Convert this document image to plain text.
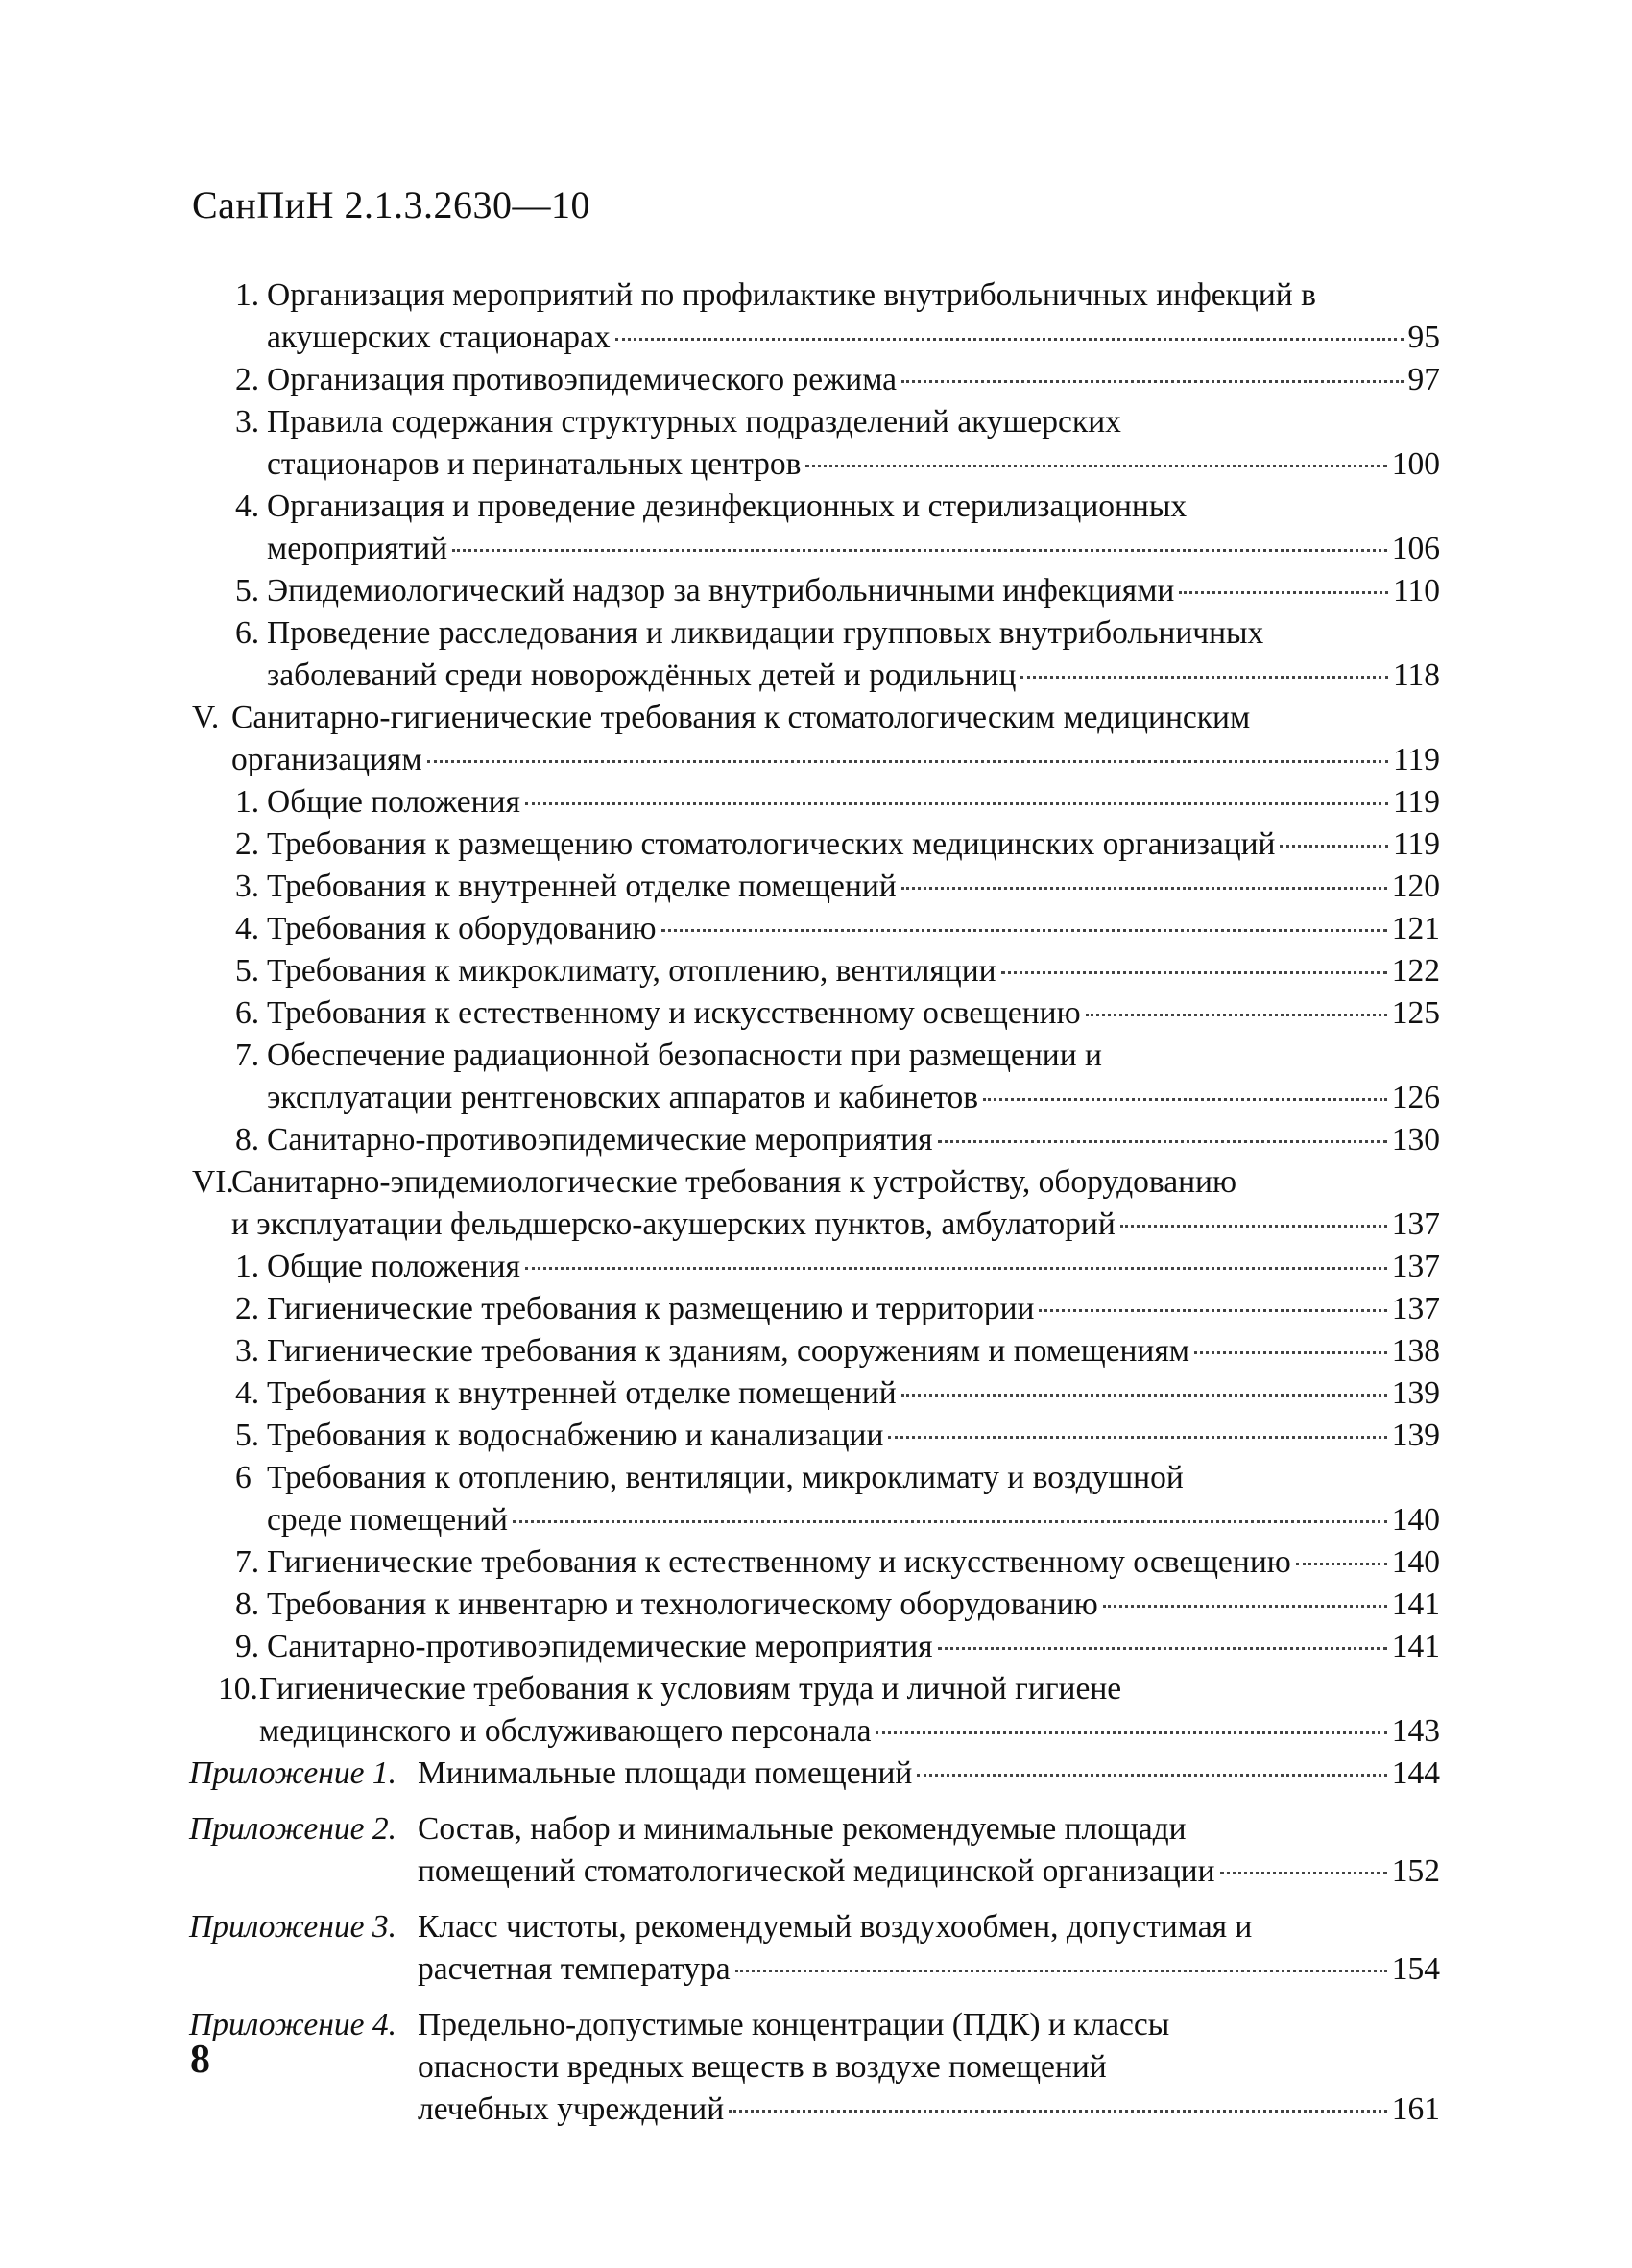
СанПиН 2.1.3.2630—10
1. Организация мероприятий по профилактике внутрибольничных инфекций в
акушерских стационарах	95
2. Организация противоэпидемического режима	97
3. Правила содержания структурных подразделений акушерских
стационаров и перинатальных центров	100
4. Организация и проведение дезинфекционных и стерилизационных
мероприятий	106
5. Эпидемиологический надзор за внутрибольничными инфекциями	110
6. Проведение расследования и ликвидации групповых внутрибольничных
заболеваний среди новорождённых детей и родильниц	118
V. Санитарно-гигиенические требования к стоматологическим медицинским
организациям	119
1. Общие положения	119
2. Требования к размещению стоматологических медицинских организаций	119
3. Требования к внутренней отделке помещений	120
4. Требования к оборудованию	121
5. Требования к микроклимату, отоплению, вентиляции	122
6. Требования к естественному и искусственному освещению	125
7. Обеспечение радиационной безопасности при размещении и
эксплуатации рентгеновских аппаратов и кабинетов	126
8. Санитарно-противоэпидемические мероприятия	130
VI.
Санитарно-эпидемиологические требования к устройству, оборудованию
и эксплуатации фельдшерско-акушерских пунктов, амбулаторий	137
1. Общие положения	137
2. Гигиенические требования к размещению и территории	137
3. Гигиенические требования к зданиям, сооружениям и помещениям	138
4. Требования к внутренней отделке помещений	139
5. Требования к водоснабжению и канализации	139
6 Требования к отоплению, вентиляции, микроклимату и воздушной
среде помещений	140
7. Гигиенические требования к естественному и искусственному освещению	140
8. Требования к инвентарю и технологическому оборудованию	141
9. Санитарно-противоэпидемические мероприятия	141
10. Гигиенические требования к условиям труда и личной гигиене
медицинского и обслуживающего персонала	143
Приложение 1. Минимальные площади помещений	144
Приложение 2. Состав, набор и минимальные рекомендуемые площади
помещений стоматологической медицинской организации	152
Приложение 3. Класс чистоты, рекомендуемый воздухообмен, допустимая и
расчетная температура	154
Приложение 4. Предельно-допустимые концентрации (ПДК) и классы
опасности вредных веществ в воздухе помещений
лечебных учреждений	161
8
